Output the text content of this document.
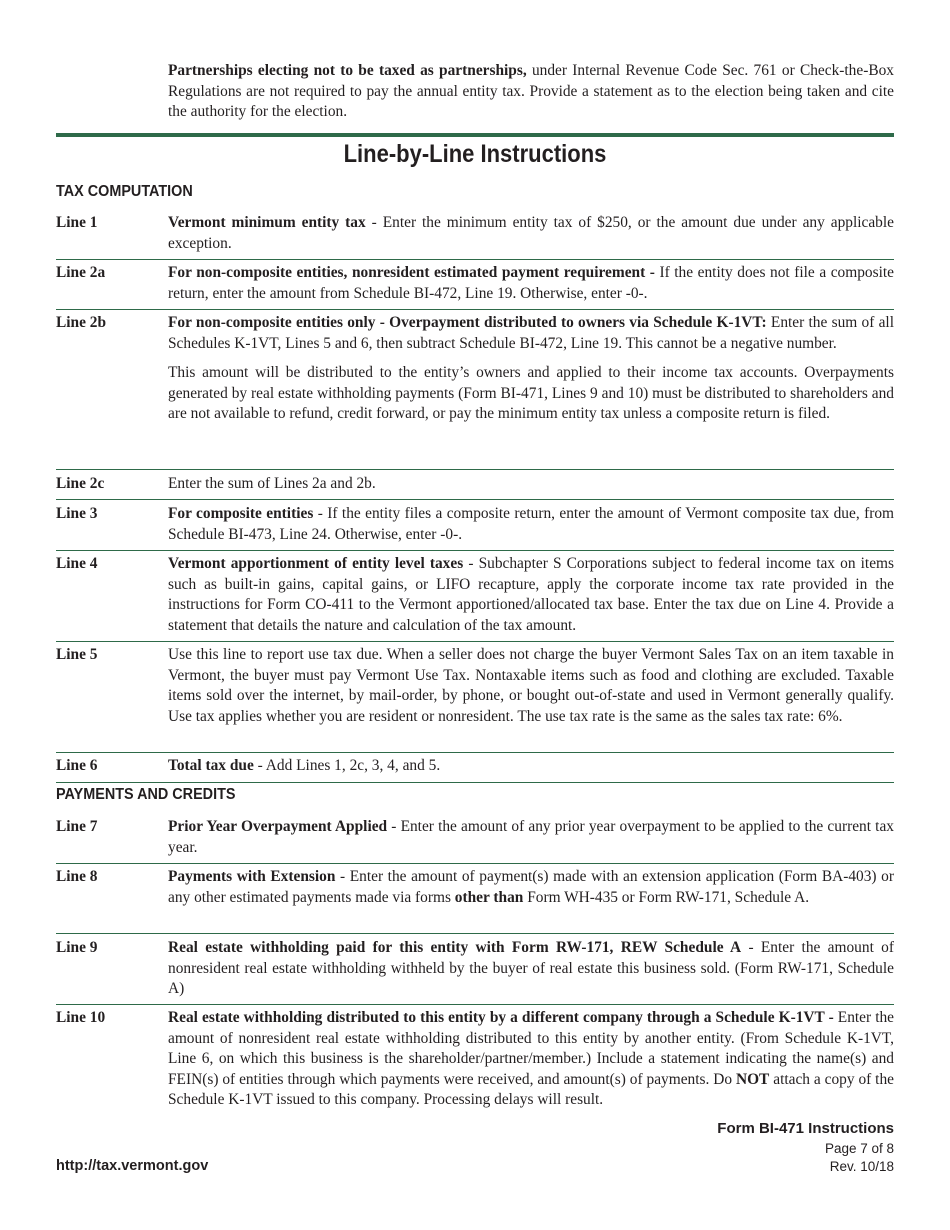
Partnerships electing not to be taxed as partnerships, under Internal Revenue Code Sec. 761 or Check-the-Box Regulations are not required to pay the annual entity tax. Provide a statement as to the election being taken and cite the authority for the election.
Line-by-Line Instructions
TAX COMPUTATION
Line 1	Vermont minimum entity tax - Enter the minimum entity tax of $250, or the amount due under any applicable exception.
Line 2a	For non-composite entities, nonresident estimated payment requirement - If the entity does not file a composite return, enter the amount from Schedule BI-472, Line 19. Otherwise, enter -0-.
Line 2b	For non-composite entities only - Overpayment distributed to owners via Schedule K-1VT: Enter the sum of all Schedules K-1VT, Lines 5 and 6, then subtract Schedule BI-472, Line 19. This cannot be a negative number.

This amount will be distributed to the entity’s owners and applied to their income tax accounts. Overpayments generated by real estate withholding payments (Form BI-471, Lines 9 and 10) must be distributed to shareholders and are not available to refund, credit forward, or pay the minimum entity tax unless a composite return is filed.

Line 2c	Enter the sum of Lines 2a and 2b.
Line 3	For composite entities - If the entity files a composite return, enter the amount of Vermont composite tax due, from Schedule BI-473, Line 24. Otherwise, enter -0-.
Line 4	Vermont apportionment of entity level taxes - Subchapter S Corporations subject to federal income tax on items such as built-in gains, capital gains, or LIFO recapture, apply the corporate income tax rate provided in the instructions for Form CO-411 to the Vermont apportioned/allocated tax base. Enter the tax due on Line 4. Provide a statement that details the nature and calculation of the tax amount.
Line 5	Use this line to report use tax due. When a seller does not charge the buyer Vermont Sales Tax on an item taxable in Vermont, the buyer must pay Vermont Use Tax. Nontaxable items such as food and clothing are excluded. Taxable items sold over the internet, by mail-order, by phone, or bought out-of-state and used in Vermont generally qualify. Use tax applies whether you are resident or nonresident. The use tax rate is the same as the sales tax rate: 6%.
Line 6	Total tax due - Add Lines 1, 2c, 3, 4, and 5.
PAYMENTS AND CREDITS
Line 7	Prior Year Overpayment Applied - Enter the amount of any prior year overpayment to be applied to the current tax year.
Line 8	Payments with Extension - Enter the amount of payment(s) made with an extension application (Form BA-403) or any other estimated payments made via forms other than Form WH-435 or Form RW-171, Schedule A.
Line 9	Real estate withholding paid for this entity with Form RW-171, REW Schedule A - Enter the amount of nonresident real estate withholding withheld by the buyer of real estate this business sold. (Form RW-171, Schedule A)
Line 10	Real estate withholding distributed to this entity by a different company through a Schedule K-1VT - Enter the amount of nonresident real estate withholding distributed to this entity by another entity. (From Schedule K-1VT, Line 6, on which this business is the shareholder/partner/member.) Include a statement indicating the name(s) and FEIN(s) of entities through which payments were received, and amount(s) of payments. Do NOT attach a copy of the Schedule K-1VT issued to this company. Processing delays will result.
Form BI-471 Instructions
Page 7 of 8
Rev. 10/18
http://tax.vermont.gov
